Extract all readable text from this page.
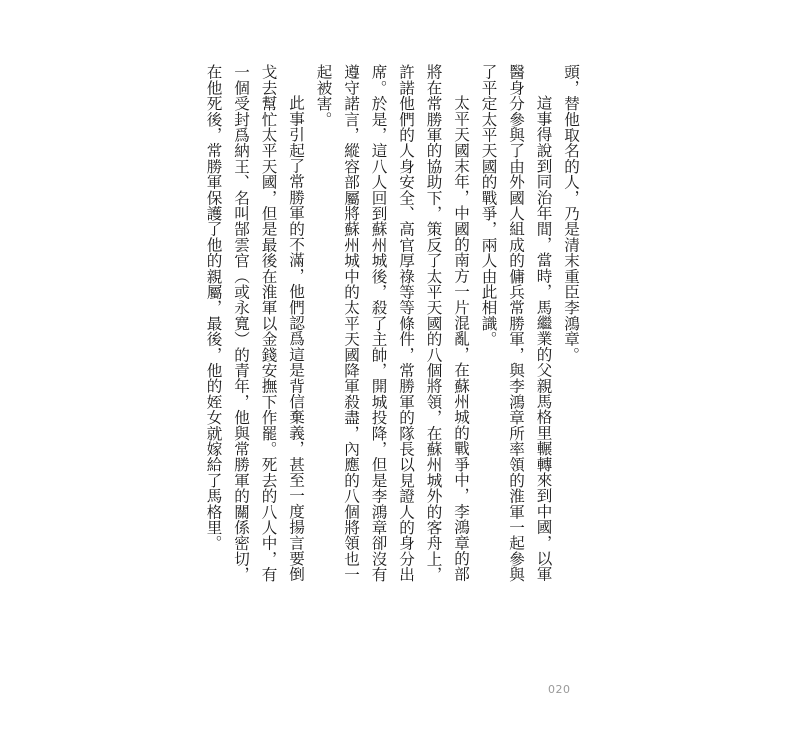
頭，替他取名的人，乃是清末重臣李鴻章。

這事得說到同治年間，當時，馬繼業的父親馬格里輾轉來到中國，以軍醫身分參與了由外國人組成的傭兵常勝軍，與李鴻章所率領的淮軍一起參與了平定太平天國的戰爭，兩人由此相識。

太平天國末年，中國的南方一片混亂，在蘇州城的戰爭中，李鴻章的部將在常勝軍的協助下，策反了太平天國的八個將領，在蘇州城外的客舟上，許諾他們的人身安全、高官厚祿等等條件，常勝軍的隊長以見證人的身分出席。於是，這八人回到蘇州城後，殺了主帥，開城投降，但是李鴻章卻沒有遵守諾言，縱容部屬將蘇州城中的太平天國降軍殺盡，內應的八個將領也一起被害。

此事引起了常勝軍的不滿，他們認爲這是背信棄義，甚至一度揚言要倒戈去幫忙太平天國，但是最後在淮軍以金錢安撫下作罷。死去的八人中，有一個受封爲納王、名叫郜雲官（或永寬）的青年，他與常勝軍的關係密切，在他死後，常勝軍保護了他的親屬，最後，他的姪女就嫁給了馬格里。

020
